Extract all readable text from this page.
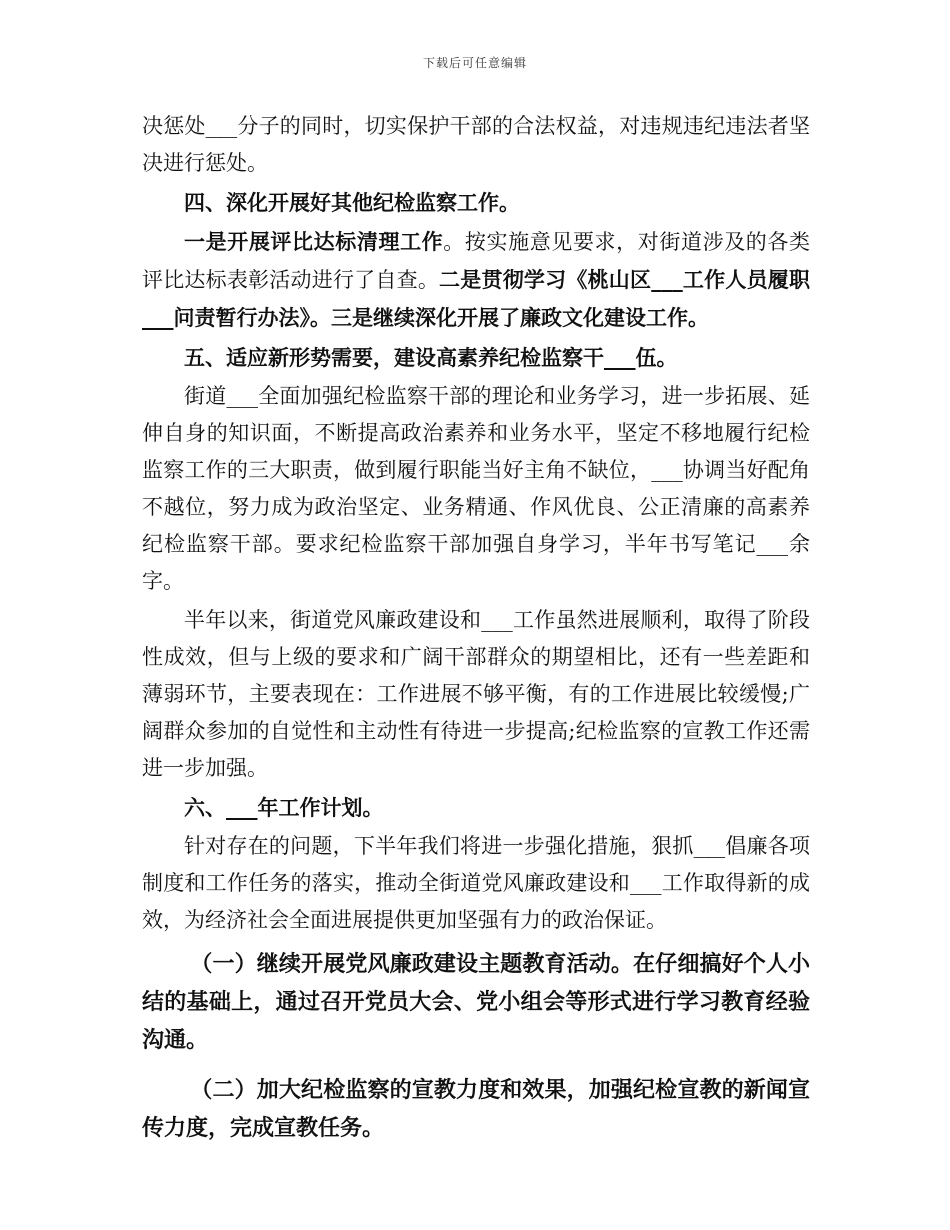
下载后可任意编辑

决惩处___分子的同时，切实保护干部的合法权益，对违规违纪违法者坚决进行惩处。

四、深化开展好其他纪检监察工作。

一是开展评比达标清理工作。按实施意见要求，对街道涉及的各类评比达标表彰活动进行了自查。二是贯彻学习《桃山区___工作人员履职___问责暂行办法》。三是继续深化开展了廉政文化建设工作。

五、适应新形势需要，建设高素养纪检监察干___伍。

街道___全面加强纪检监察干部的理论和业务学习，进一步拓展、延伸自身的知识面，不断提高政治素养和业务水平，坚定不移地履行纪检监察工作的三大职责，做到履行职能当好主角不缺位，___协调当好配角不越位，努力成为政治坚定、业务精通、作风优良、公正清廉的高素养纪检监察干部。要求纪检监察干部加强自身学习，半年书写笔记___余字。

半年以来，街道党风廉政建设和___工作虽然进展顺利，取得了阶段性成效，但与上级的要求和广阔干部群众的期望相比，还有一些差距和薄弱环节，主要表现在：工作进展不够平衡，有的工作进展比较缓慢;广阔群众参加的自觉性和主动性有待进一步提高;纪检监察的宣教工作还需进一步加强。

六、___年工作计划。

针对存在的问题，下半年我们将进一步强化措施，狠抓___倡廉各项制度和工作任务的落实，推动全街道党风廉政建设和___工作取得新的成效，为经济社会全面进展提供更加坚强有力的政治保证。

（一）继续开展党风廉政建设主题教育活动。在仔细搞好个人小结的基础上，通过召开党员大会、党小组会等形式进行学习教育经验沟通。

（二）加大纪检监察的宣教力度和效果，加强纪检宣教的新闻宣传力度，完成宣教任务。
